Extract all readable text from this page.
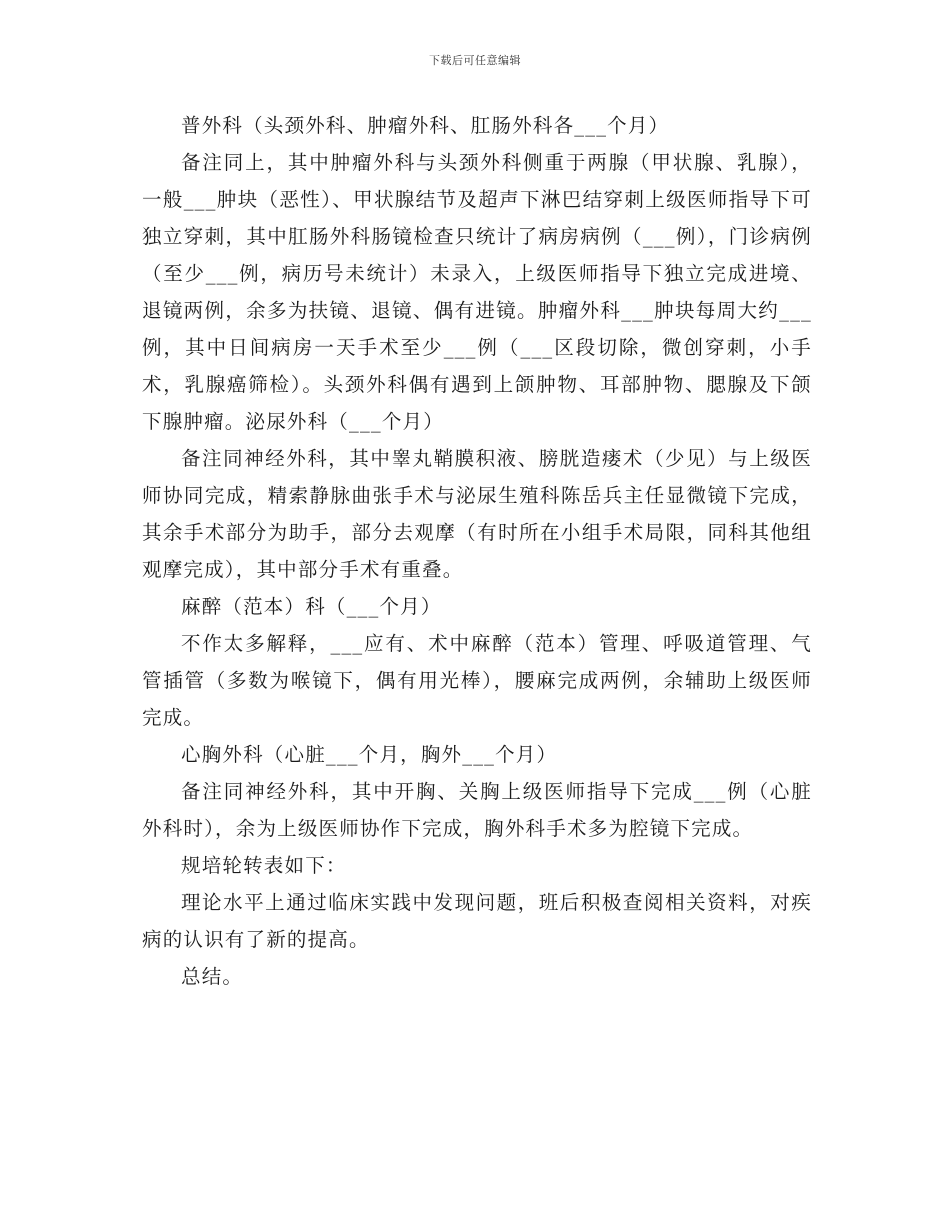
下载后可任意编辑

普外科（头颈外科、肿瘤外科、肛肠外科各___个月）

备注同上，其中肿瘤外科与头颈外科侧重于两腺（甲状腺、乳腺），一般___肿块（恶性）、甲状腺结节及超声下淋巴结穿刺上级医师指导下可独立穿刺，其中肛肠外科肠镜检查只统计了病房病例（___例），门诊病例（至少___例，病历号未统计）未录入，上级医师指导下独立完成进境、退镜两例，余多为扶镜、退镜、偶有进镜。肿瘤外科___肿块每周大约___例，其中日间病房一天手术至少___例（___区段切除，微创穿刺，小手术，乳腺癌筛检）。头颈外科偶有遇到上颌肿物、耳部肿物、腮腺及下颌下腺肿瘤。泌尿外科（___个月）

备注同神经外科，其中睾丸鞘膜积液、膀胱造瘘术（少见）与上级医师协同完成，精索静脉曲张手术与泌尿生殖科陈岳兵主任显微镜下完成，其余手术部分为助手，部分去观摩（有时所在小组手术局限，同科其他组观摩完成），其中部分手术有重叠。

麻醉（范本）科（___个月）

不作太多解释，___应有、术中麻醉（范本）管理、呼吸道管理、气管插管（多数为喉镜下，偶有用光棒），腰麻完成两例，余辅助上级医师完成。

心胸外科（心脏___个月，胸外___个月）

备注同神经外科，其中开胸、关胸上级医师指导下完成___例（心脏外科时），余为上级医师协作下完成，胸外科手术多为腔镜下完成。

规培轮转表如下：

理论水平上通过临床实践中发现问题，班后积极查阅相关资料，对疾病的认识有了新的提高。

总结。
